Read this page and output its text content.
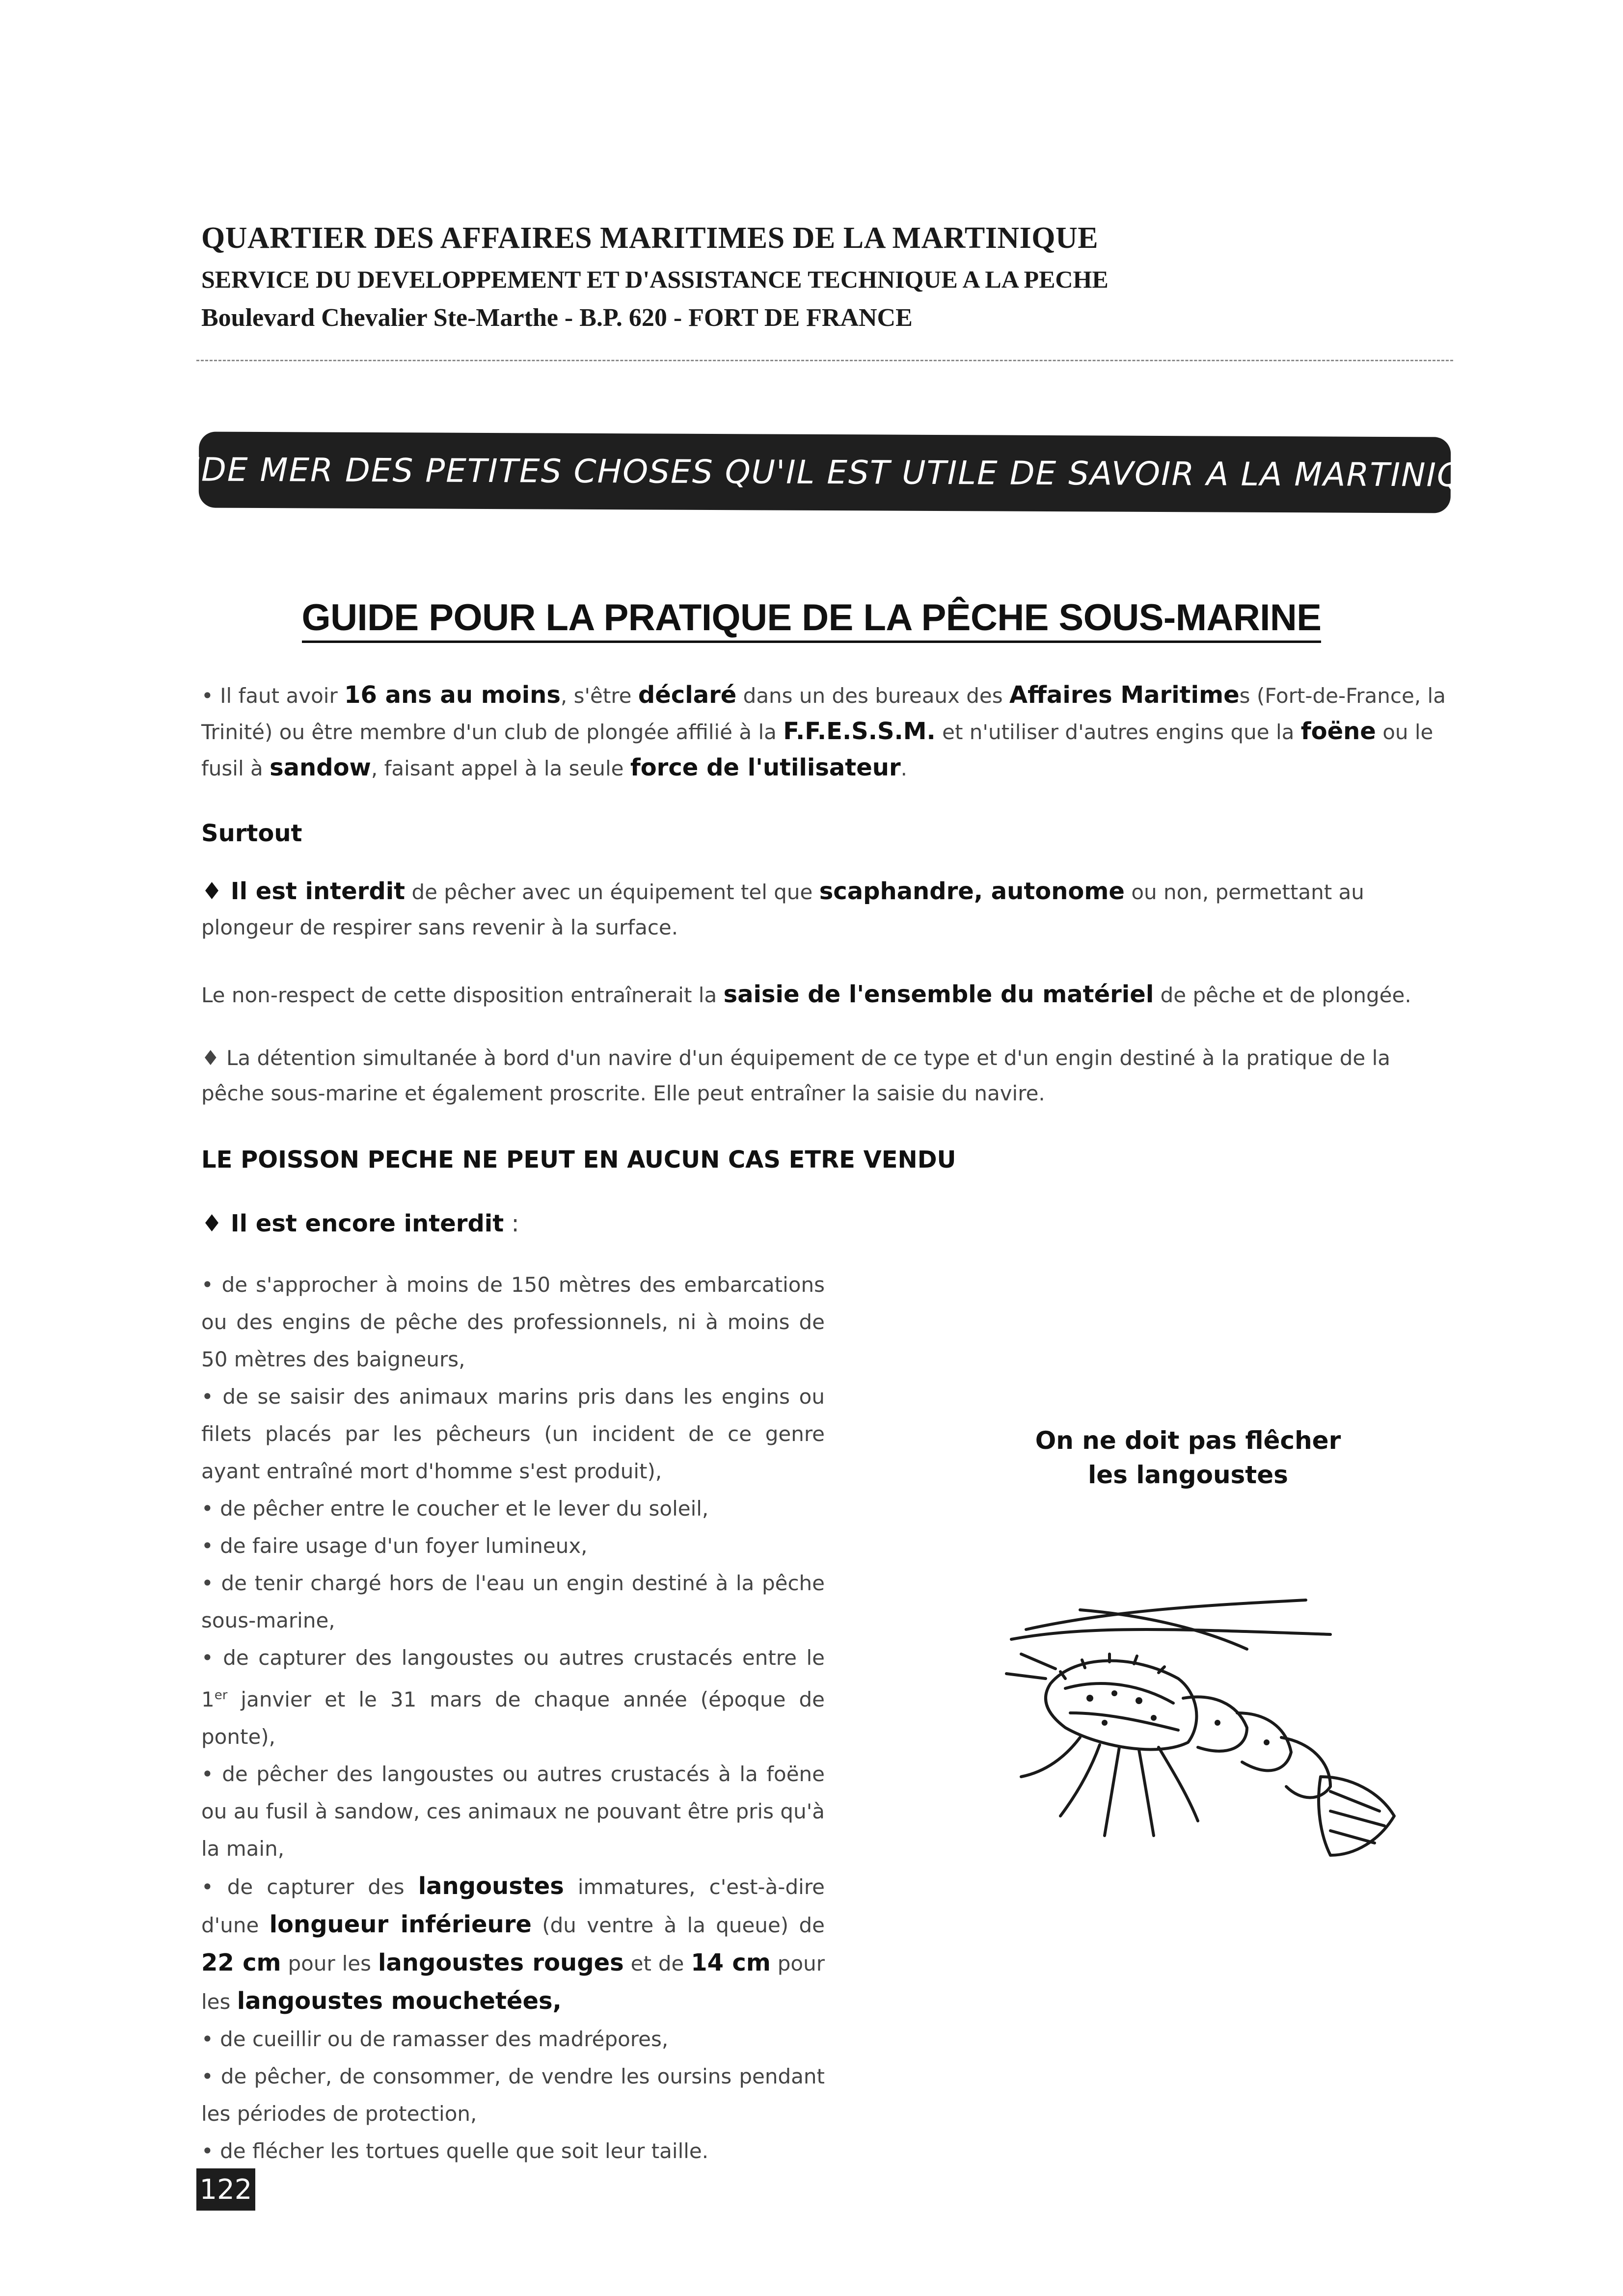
QUARTIER DES AFFAIRES MARITIMES DE LA MARTINIQUE
SERVICE DU DEVELOPPEMENT ET D'ASSISTANCE TECHNIQUE A LA PECHE
Boulevard Chevalier Ste-Marthe - B.P. 620 - FORT DE FRANCE
GUIDE MER DES PETITES CHOSES QU'IL EST UTILE DE SAVOIR A LA MARTINIQUE
GUIDE POUR LA PRATIQUE DE LA PÊCHE SOUS-MARINE
• Il faut avoir 16 ans au moins, s'être déclaré dans un des bureaux des Affaires Maritimes (Fort-de-France, la Trinité) ou être membre d'un club de plongée affilié à la F.F.E.S.S.M. et n'utiliser d'autres engins que la foëne ou le fusil à sandow, faisant appel à la seule force de l'utilisateur.
Surtout
♦ Il est interdit de pêcher avec un équipement tel que scaphandre, autonome ou non, permettant au plongeur de respirer sans revenir à la surface.
Le non-respect de cette disposition entraînerait la saisie de l'ensemble du matériel de pêche et de plongée.
♦ La détention simultanée à bord d'un navire d'un équipement de ce type et d'un engin destiné à la pratique de la pêche sous-marine et également proscrite. Elle peut entraîner la saisie du navire.
LE POISSON PECHE NE PEUT EN AUCUN CAS ETRE VENDU
♦ Il est encore interdit :

• de s'approcher à moins de 150 mètres des embarcations ou des engins de pêche des professionnels, ni à moins de 50 mètres des baigneurs,

• de se saisir des animaux marins pris dans les engins ou filets placés par les pêcheurs (un incident de ce genre ayant entraîné mort d'homme s'est produit),

• de pêcher entre le coucher et le lever du soleil,

• de faire usage d'un foyer lumineux,

• de tenir chargé hors de l'eau un engin destiné à la pêche sous-marine,

• de capturer des langoustes ou autres crustacés entre le 1er janvier et le 31 mars de chaque année (époque de ponte),

• de pêcher des langoustes ou autres crustacés à la foëne ou au fusil à sandow, ces animaux ne pouvant être pris qu'à la main,

• de capturer des langoustes immatures, c'est-à-dire d'une longueur inférieure (du ventre à la queue) de 22 cm pour les langoustes rouges et de 14 cm pour les langoustes mouchetées,

• de cueillir ou de ramasser des madrépores,

• de pêcher, de consommer, de vendre les oursins pendant les périodes de protection,

• de flécher les tortues quelle que soit leur taille.

On ne doit pas flêcher
les langoustes
122
